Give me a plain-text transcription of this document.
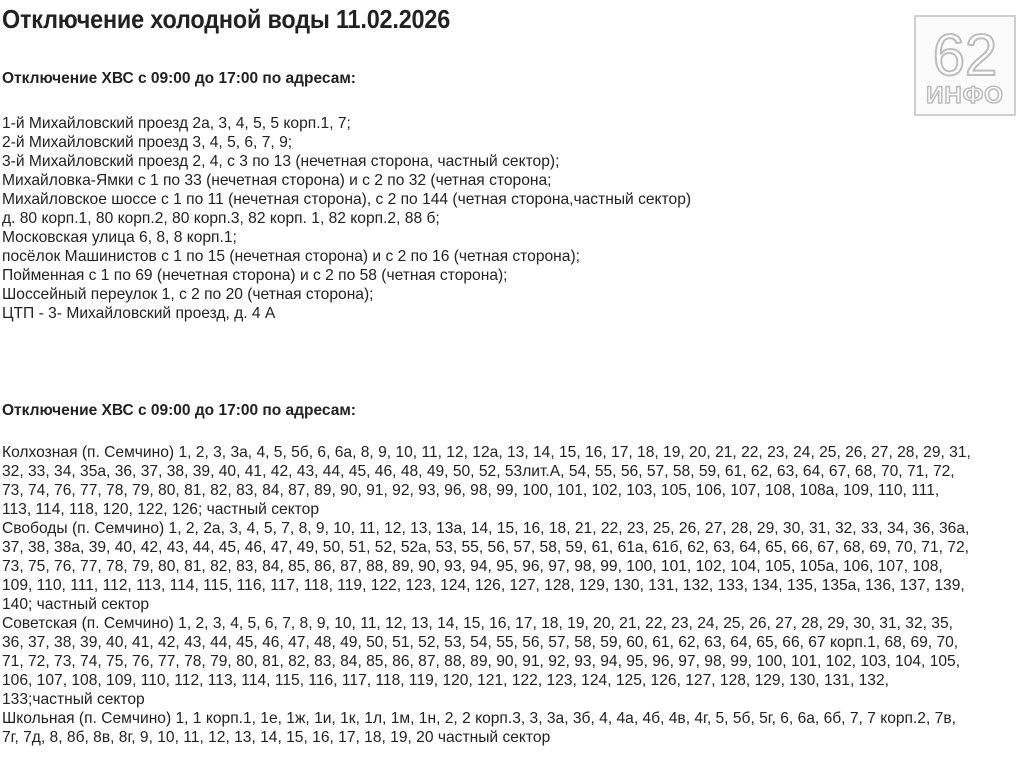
Отключение холодной воды 11.02.2026
Отключение ХВС с 09:00 до 17:00 по адресам:
1-й Михайловский проезд 2а, 3, 4, 5, 5 корп.1, 7;
2-й Михайловский проезд 3, 4, 5, 6, 7, 9;
3-й Михайловский проезд 2, 4, с 3 по 13 (нечетная сторона, частный сектор);
Михайловка-Ямки с 1 по 33 (нечетная сторона) и с 2 по 32 (четная сторона;
Михайловское шоссе с 1 по 11 (нечетная сторона), с 2 по 144 (четная сторона,частный сектор)
д. 80 корп.1, 80 корп.2, 80 корп.3, 82 корп. 1, 82 корп.2, 88 б;
Московская улица 6, 8, 8 корп.1;
посёлок Машинистов с 1 по 15 (нечетная сторона) и с 2 по 16 (четная сторона);
Пойменная с 1 по 69 (нечетная сторона) и с 2 по 58 (четная сторона);
Шоссейный переулок 1, с 2 по 20 (четная сторона);
ЦТП - 3- Михайловский проезд, д. 4 А
Отключение ХВС с 09:00 до 17:00 по адресам:
Колхозная (п. Семчино) 1, 2, 3, 3а, 4, 5, 5б, 6, 6а, 8, 9, 10, 11, 12, 12а, 13, 14, 15, 16, 17, 18, 19, 20, 21, 22, 23, 24, 25, 26, 27, 28, 29, 31, 32, 33, 34, 35а, 36, 37, 38, 39, 40, 41, 42, 43, 44, 45, 46, 48, 49, 50, 52, 53лит.А, 54, 55, 56, 57, 58, 59, 61, 62, 63, 64, 67, 68, 70, 71, 72, 73, 74, 76, 77, 78, 79, 80, 81, 82, 83, 84, 87, 89, 90, 91, 92, 93, 96, 98, 99, 100, 101, 102, 103, 105, 106, 107, 108, 108а, 109, 110, 111, 113, 114, 118, 120, 122, 126; частный сектор
Свободы (п. Семчино) 1, 2, 2а, 3, 4, 5, 7, 8, 9, 10, 11, 12, 13, 13а, 14, 15, 16, 18, 21, 22, 23, 25, 26, 27, 28, 29, 30, 31, 32, 33, 34, 36, 36а, 37, 38, 38а, 39, 40, 42, 43, 44, 45, 46, 47, 49, 50, 51, 52, 52а, 53, 55, 56, 57, 58, 59, 61, 61а, 61б, 62, 63, 64, 65, 66, 67, 68, 69, 70, 71, 72, 73, 75, 76, 77, 78, 79, 80, 81, 82, 83, 84, 85, 86, 87, 88, 89, 90, 93, 94, 95, 96, 97, 98, 99, 100, 101, 102, 104, 105, 105а, 106, 107, 108, 109, 110, 111, 112, 113, 114, 115, 116, 117, 118, 119, 122, 123, 124, 126, 127, 128, 129, 130, 131, 132, 133, 134, 135, 135а, 136, 137, 139, 140; частный сектор
Советская (п. Семчино) 1, 2, 3, 4, 5, 6, 7, 8, 9, 10, 11, 12, 13, 14, 15, 16, 17, 18, 19, 20, 21, 22, 23, 24, 25, 26, 27, 28, 29, 30, 31, 32, 35, 36, 37, 38, 39, 40, 41, 42, 43, 44, 45, 46, 47, 48, 49, 50, 51, 52, 53, 54, 55, 56, 57, 58, 59, 60, 61, 62, 63, 64, 65, 66, 67 корп.1, 68, 69, 70, 71, 72, 73, 74, 75, 76, 77, 78, 79, 80, 81, 82, 83, 84, 85, 86, 87, 88, 89, 90, 91, 92, 93, 94, 95, 96, 97, 98, 99, 100, 101, 102, 103, 104, 105, 106, 107, 108, 109, 110, 112, 113, 114, 115, 116, 117, 118, 119, 120, 121, 122, 123, 124, 125, 126, 127, 128, 129, 130, 131, 132, 133;частный сектор
Школьная (п. Семчино) 1, 1 корп.1, 1е, 1ж, 1и, 1к, 1л, 1м, 1н, 2, 2 корп.3, 3, 3а, 3б, 4, 4а, 4б, 4в, 4г, 5, 5б, 5г, 6, 6а, 6б, 7, 7 корп.2, 7в, 7г, 7д, 8, 8б, 8в, 8г, 9, 10, 11, 12, 13, 14, 15, 16, 17, 18, 19, 20 частный сектор
62
ИНФО
